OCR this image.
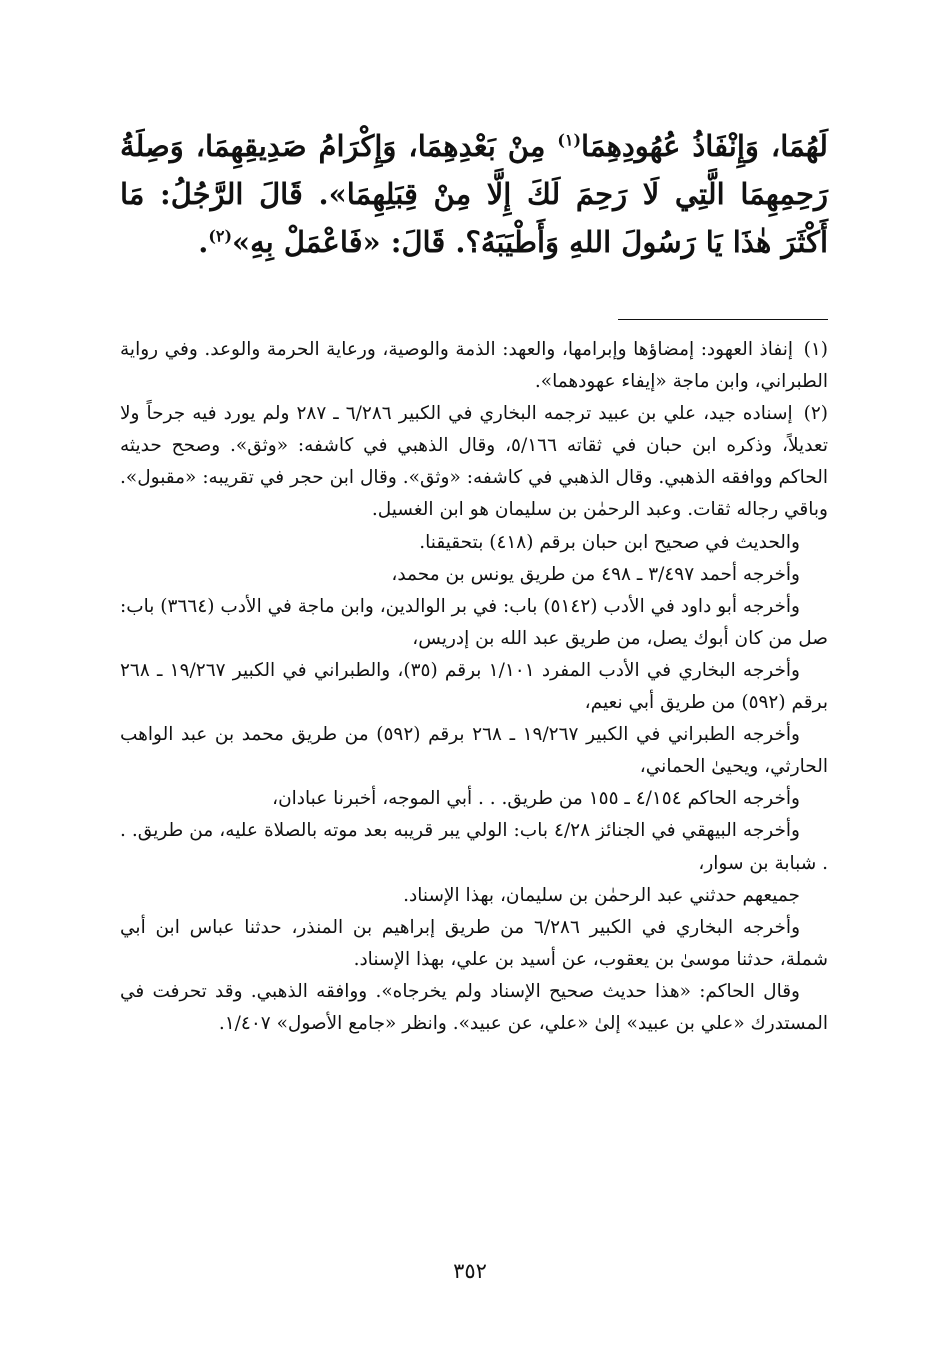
لَهُمَا، وَإِنْفَاذُ عُهُودِهِمَا$^{(١)}$ مِنْ بَعْدِهِمَا، وَإِكْرَامُ صَدِيقِهِمَا، وَصِلَةُ رَحِمِهِمَا الَّتِي لَا رَحِمَ لَكَ إِلَّا مِنْ قِبَلِهِمَا». قَالَ الرَّجُلُ: مَا أَكْثَرَ هٰذَا يَا رَسُولَ اللهِ وَأَطْيَبَهُ؟. قَالَ: «فَاعْمَلْ بِهِ»$^{(٢)}$.

(١) إنفاذ العهود: إمضاؤها وإبرامها، والعهد: الذمة والوصية، ورعاية الحرمة والوعد. وفي رواية الطبراني، وابن ماجة «إيفاء عهودهما».

(٢) إسناده جيد، علي بن عبيد ترجمه البخاري في الكبير ٦/٢٨٦ ـ ٢٨٧ ولم يورد فيه جرحاً ولا تعديلاً، وذكره ابن حبان في ثقاته ٥/١٦٦، وقال الذهبي في كاشفه: «وثق». وصحح حديثه الحاكم ووافقه الذهبي. وقال الذهبي في كاشفه: «وثق». وقال ابن حجر في تقريبه: «مقبول». وباقي رجاله ثقات. وعبد الرحمٰن بن سليمان هو ابن الغسيل.

والحديث في صحيح ابن حبان برقم (٤١٨) بتحقيقنا.

وأخرجه أحمد ٣/٤٩٧ ـ ٤٩٨ من طريق يونس بن محمد،

وأخرجه أبو داود في الأدب (٥١٤٢) باب: في بر الوالدين، وابن ماجة في الأدب (٣٦٦٤) باب: صل من كان أبوك يصل، من طريق عبد الله بن إدريس،

وأخرجه البخاري في الأدب المفرد ١/١٠١ برقم (٣٥)، والطبراني في الكبير ١٩/٢٦٧ ـ ٢٦٨ برقم (٥٩٢) من طريق أبي نعيم،

وأخرجه الطبراني في الكبير ١٩/٢٦٧ ـ ٢٦٨ برقم (٥٩٢) من طريق محمد بن عبد الواهب الحارثي، ويحيىٰ الحماني،

وأخرجه الحاكم ٤/١٥٤ ـ ١٥٥ من طريق. . . أبي الموجه، أخبرنا عبادان،

وأخرجه البيهقي في الجنائز ٤/٢٨ باب: الولي يبر قريبه بعد موته بالصلاة عليه، من طريق. . . شبابة بن سوار،

جميعهم حدثني عبد الرحمٰن بن سليمان، بهذا الإسناد.

وأخرجه البخاري في الكبير ٦/٢٨٦ من طريق إبراهيم بن المنذر، حدثنا عباس ابن أبي شملة، حدثنا موسىٰ بن يعقوب، عن أسيد بن علي، بهذا الإسناد.

وقال الحاكم: «هذا حديث صحيح الإسناد ولم يخرجاه». ووافقه الذهبي. وقد تحرفت في المستدرك «علي بن عبيد» إلىٰ «علي، عن عبيد». وانظر «جامع الأصول» ١/٤٠٧.

٣٥٢
